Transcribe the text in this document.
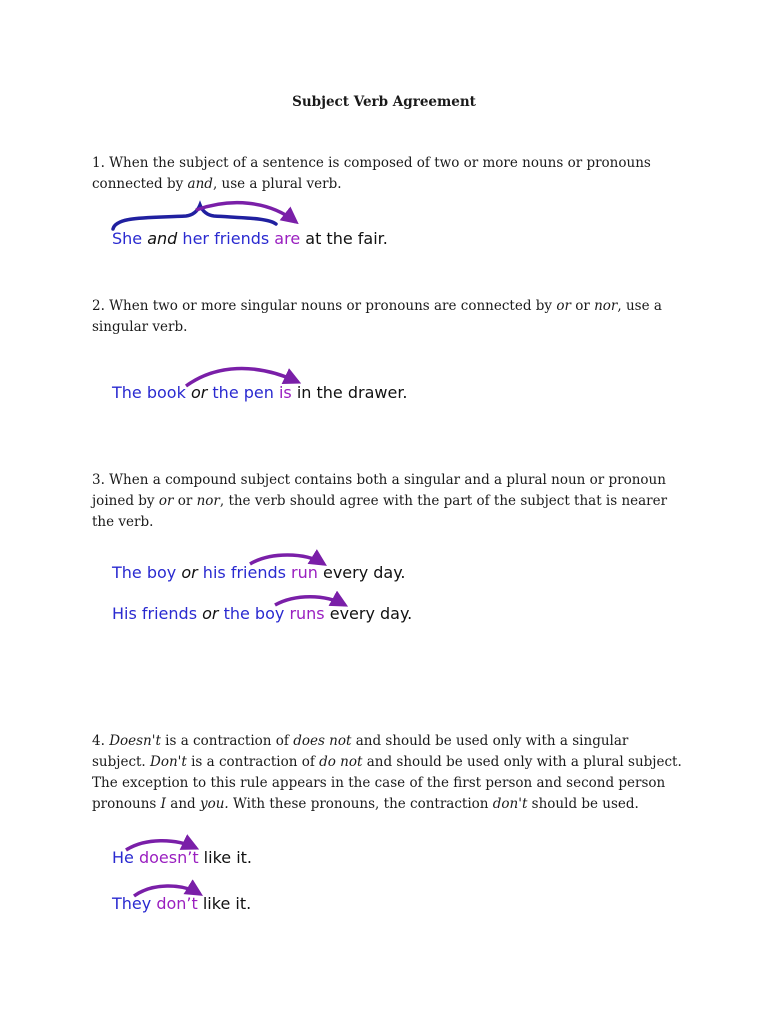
Subject Verb Agreement
1. When the subject of a sentence is composed of two or more nouns or pronouns connected by and, use a plural verb.
She and her friends are at the fair.
2. When two or more singular nouns or pronouns are connected by or or nor, use a singular verb.
The book or the pen is in the drawer.
3. When a compound subject contains both a singular and a plural noun or pronoun joined by or or nor, the verb should agree with the part of the subject that is nearer the verb.
The boy or his friends run every day.
His friends or the boy runs every day.
4. Doesn't is a contraction of does not and should be used only with a singular subject. Don't is a contraction of do not and should be used only with a plural subject. The exception to this rule appears in the case of the first person and second person pronouns I and you. With these pronouns, the contraction don't should be used.
He doesn’t like it.
They don’t like it.
